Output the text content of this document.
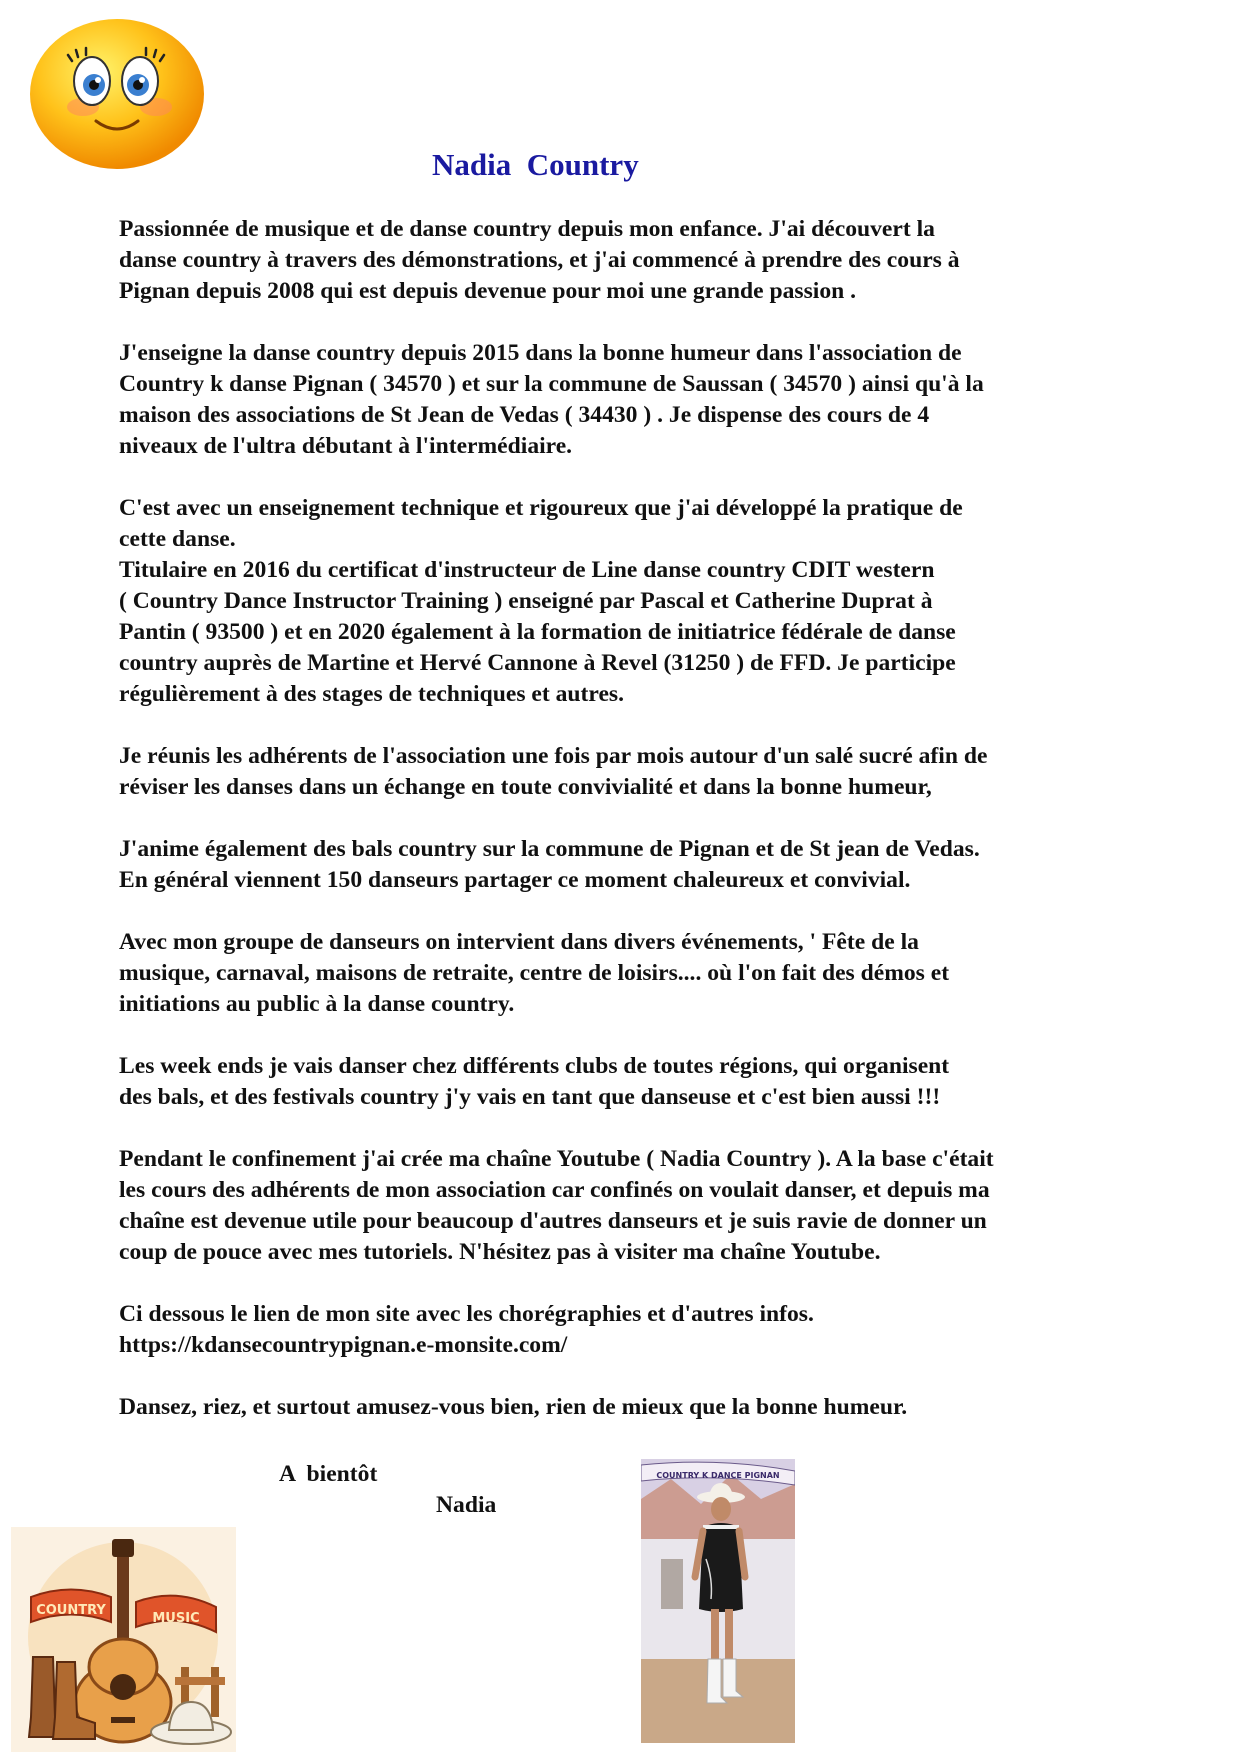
Nadia  Country

Passionnée de musique et de danse country depuis mon enfance. J'ai découvert la
danse country à travers des démonstrations, et j'ai commencé à prendre des cours à
Pignan depuis 2008 qui est depuis devenue pour moi une grande passion .

J'enseigne la danse country depuis 2015 dans la bonne humeur dans l'association de
Country k danse Pignan ( 34570 ) et sur la commune de Saussan ( 34570 ) ainsi qu'à la
maison des associations de St Jean de Vedas ( 34430 ) . Je dispense des cours de 4
niveaux de l'ultra débutant à l'intermédiaire.

C'est avec un enseignement technique et rigoureux que j'ai développé la pratique de
cette danse.

Titulaire en 2016 du certificat d'instructeur de Line danse country CDIT western
( Country Dance Instructor Training ) enseigné par Pascal et Catherine Duprat à
Pantin ( 93500 ) et en 2020 également à la formation de initiatrice fédérale de danse
country auprès de Martine et Hervé Cannone à Revel (31250 ) de FFD. Je participe
régulièrement à des stages de techniques et autres.

Je réunis les adhérents de l'association une fois par mois autour d'un salé sucré afin de
réviser les danses dans un échange en toute convivialité et dans la bonne humeur,

J'anime également des bals country sur la commune de Pignan et de St jean de Vedas.
En général viennent 150 danseurs partager ce moment chaleureux et convivial.

Avec mon groupe de danseurs on intervient dans divers événements, ' Fête de la
musique, carnaval, maisons de retraite, centre de loisirs.... où l'on fait des démos et
initiations au public à la danse country.

Les week ends je vais danser chez différents clubs de toutes régions, qui organisent
des bals, et des festivals country j'y vais en tant que danseuse et c'est bien aussi !!!

Pendant le confinement j'ai crée ma chaîne Youtube ( Nadia Country ). A la base c'était
les cours des adhérents de mon association car confinés on voulait danser, et depuis ma
chaîne est devenue utile pour beaucoup d'autres danseurs et je suis ravie de donner un
coup de pouce avec mes tutoriels. N'hésitez pas à visiter ma chaîne Youtube.

Ci dessous le lien de mon site avec les chorégraphies et d'autres infos.
https://kdansecountrypignan.e-monsite.com/

Dansez, riez, et surtout amusez-vous bien, rien de mieux que la bonne humeur.

A  bientôt
Nadia
COUNTRY
MUSIC
COUNTRY K DANCE PIGNAN
